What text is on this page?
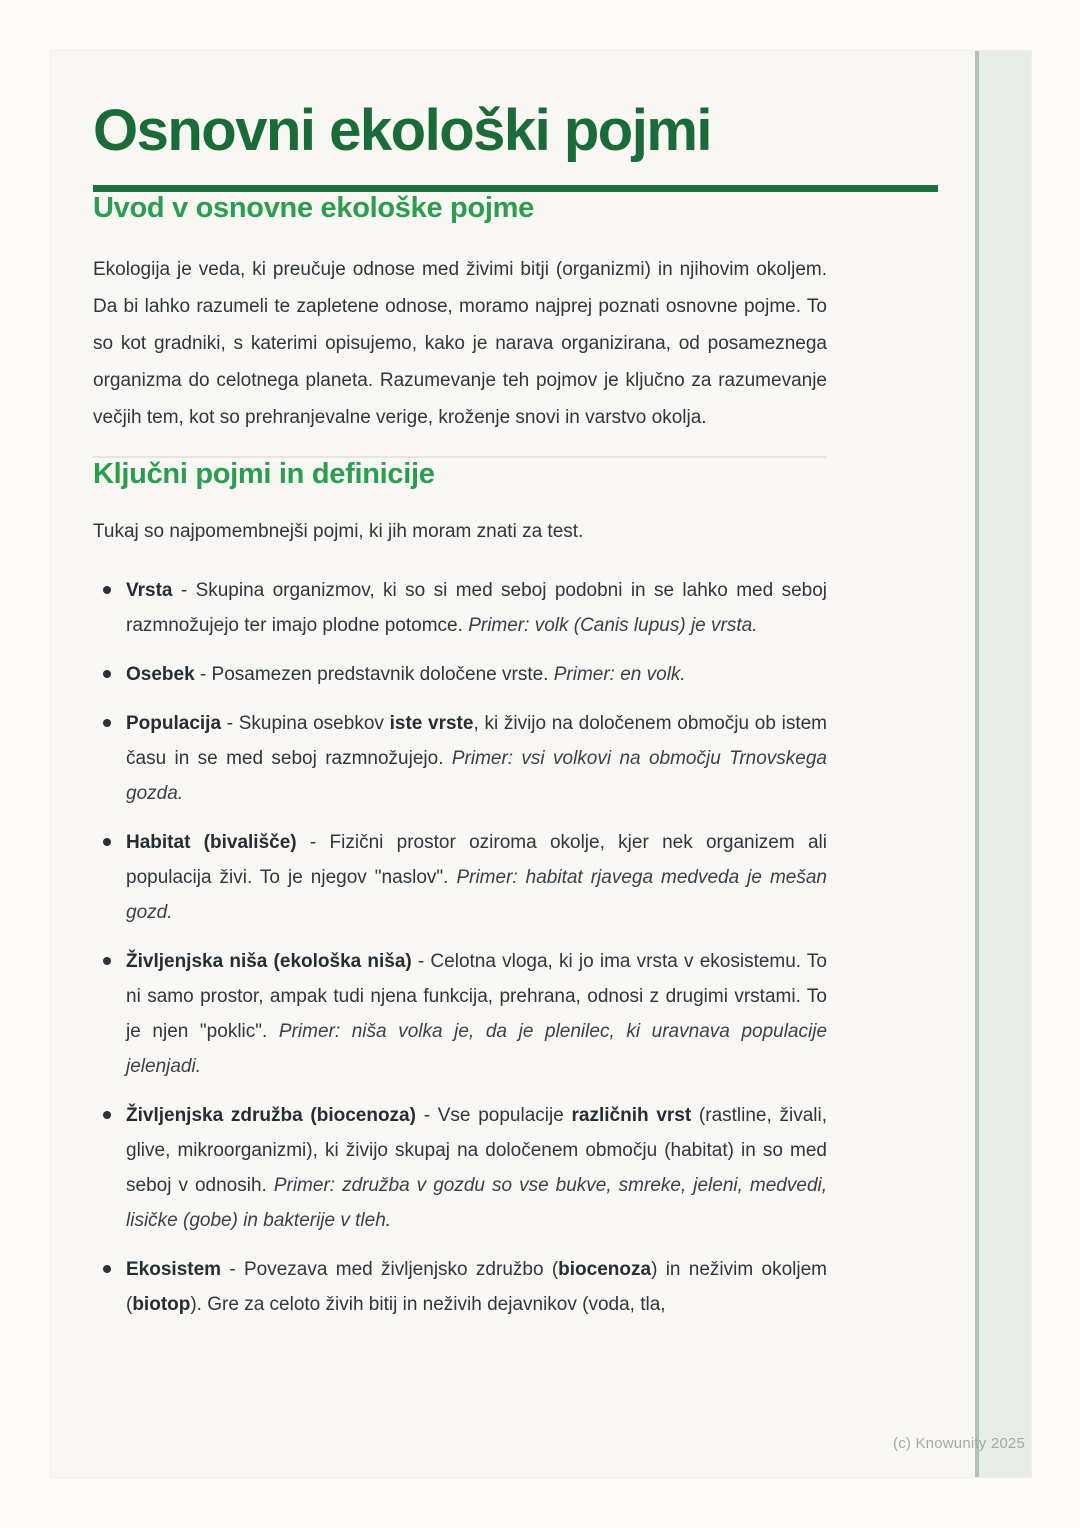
Osnovni ekološki pojmi
Uvod v osnovne ekološke pojme

Ekologija je veda, ki preučuje odnose med živimi bitji (organizmi) in njihovim okoljem. Da bi lahko razumeli te zapletene odnose, moramo najprej poznati osnovne pojme. To so kot gradniki, s katerimi opisujemo, kako je narava organizirana, od posameznega organizma do celotnega planeta. Razumevanje teh pojmov je ključno za razumevanje večjih tem, kot so prehranjevalne verige, kroženje snovi in varstvo okolja.

Ključni pojmi in definicije

Tukaj so najpomembnejši pojmi, ki jih moram znati za test.

Vrsta - Skupina organizmov, ki so si med seboj podobni in se lahko med seboj razmnožujejo ter imajo plodne potomce. Primer: volk (Canis lupus) je vrsta.
Osebek - Posamezen predstavnik določene vrste. Primer: en volk.
Populacija - Skupina osebkov iste vrste, ki živijo na določenem območju ob istem času in se med seboj razmnožujejo. Primer: vsi volkovi na območju Trnovskega gozda.
Habitat (bivališče) - Fizični prostor oziroma okolje, kjer nek organizem ali populacija živi. To je njegov "naslov". Primer: habitat rjavega medveda je mešan gozd.
Življenjska niša (ekološka niša) - Celotna vloga, ki jo ima vrsta v ekosistemu. To ni samo prostor, ampak tudi njena funkcija, prehrana, odnosi z drugimi vrstami. To je njen "poklic". Primer: niša volka je, da je plenilec, ki uravnava populacije jelenjadi.
Življenjska združba (biocenoza) - Vse populacije različnih vrst (rastline, živali, glive, mikroorganizmi), ki živijo skupaj na določenem območju (habitat) in so med seboj v odnosih. Primer: združba v gozdu so vse bukve, smreke, jeleni, medvedi, lisičke (gobe) in bakterije v tleh.
Ekosistem - Povezava med življenjsko združbo (biocenoza) in neživim okoljem (biotop). Gre za celoto živih bitij in neživih dejavnikov (voda, tla,
(c) Knowunity 2025
